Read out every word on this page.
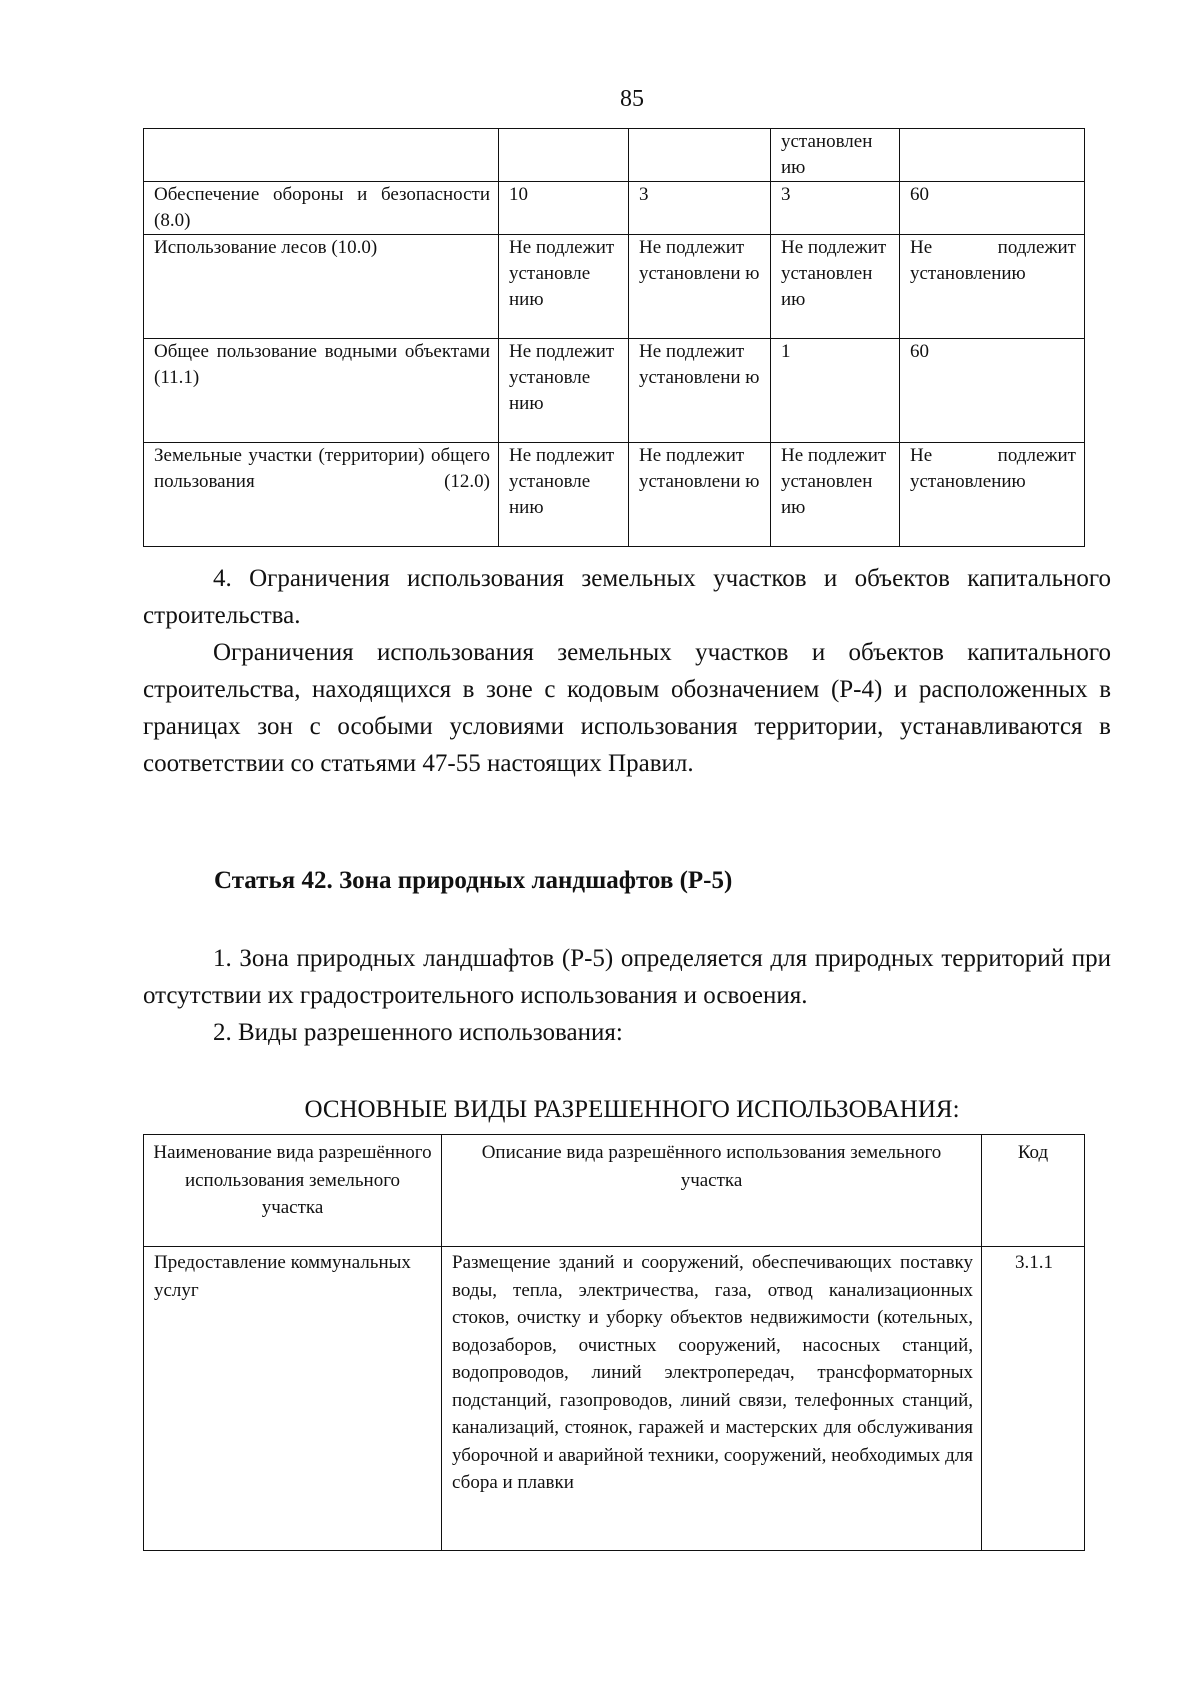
85
			установлен ию	
Обеспечение обороны и безопасности (8.0)	10	3	3	60
Использование лесов (10.0)	Не подлежит установле нию	Не подлежит установлени ю	Не подлежит установлен ию	Не подлежит установлению
Общее пользование водными объектами (11.1)	Не подлежит установле нию	Не подлежит установлени ю	1	60
Земельные участки (территории) общего пользования (12.0)	Не подлежит установле нию	Не подлежит установлени ю	Не подлежит установлен ию	Не подлежит установлению

4. Ограничения использования земельных участков и объектов капитального строительства.

Ограничения использования земельных участков и объектов капитального строительства, находящихся в зоне с кодовым обозначением (Р-4) и расположенных в границах зон с особыми условиями использования территории, устанавливаются в соответствии со статьями 47-55 настоящих Правил.

Статья 42. Зона природных ландшафтов (Р-5)

1. Зона природных ландшафтов (Р-5) определяется для природных территорий при отсутствии их градостроительного использования и освоения.

2. Виды разрешенного использования:

ОСНОВНЫЕ ВИДЫ РАЗРЕШЕННОГО ИСПОЛЬЗОВАНИЯ:
Наименование вида разрешённого использования земельного участка	Описание вида разрешённого использования земельного участка	Код
Предоставление коммунальных услуг	Размещение зданий и сооружений, обеспечивающих поставку воды, тепла, электричества, газа, отвод канализационных стоков, очистку и уборку объектов недвижимости (котельных, водозаборов, очистных сооружений, насосных станций, водопроводов, линий электропередач, трансформаторных подстанций, газопроводов, линий связи, телефонных станций, канализаций, стоянок, гаражей и мастерских для обслуживания уборочной и аварийной техники, сооружений, необходимых для сбора и плавки	3.1.1
